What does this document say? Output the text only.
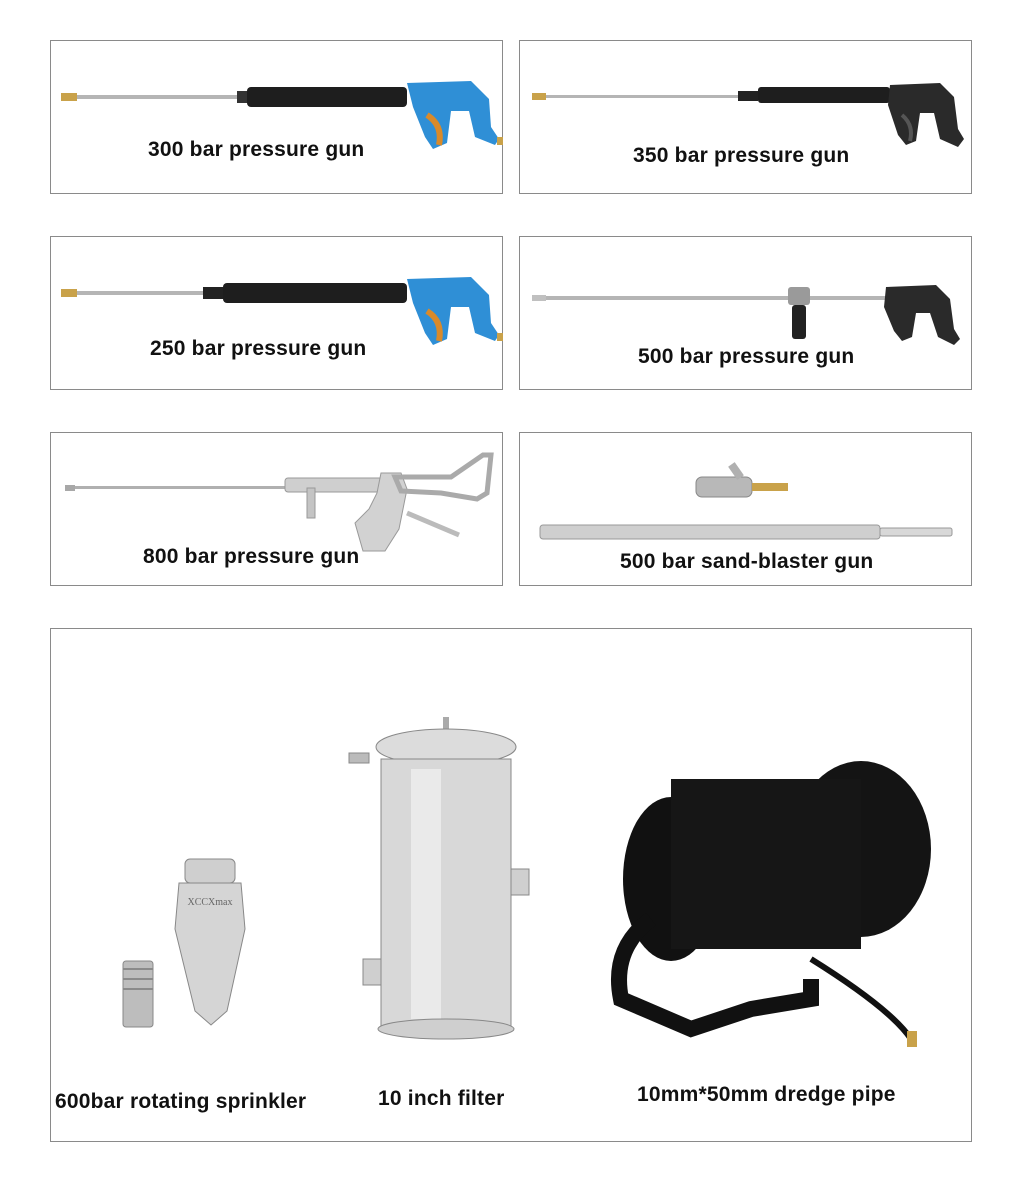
300 bar pressure gun	350 bar pressure gun
250 bar pressure gun	500 bar pressure gun
800 bar pressure gun	500 bar sand-blaster gun
XCCXmax
600bar rotating sprinkler	10 inch filter	10mm*50mm dredge pipe
